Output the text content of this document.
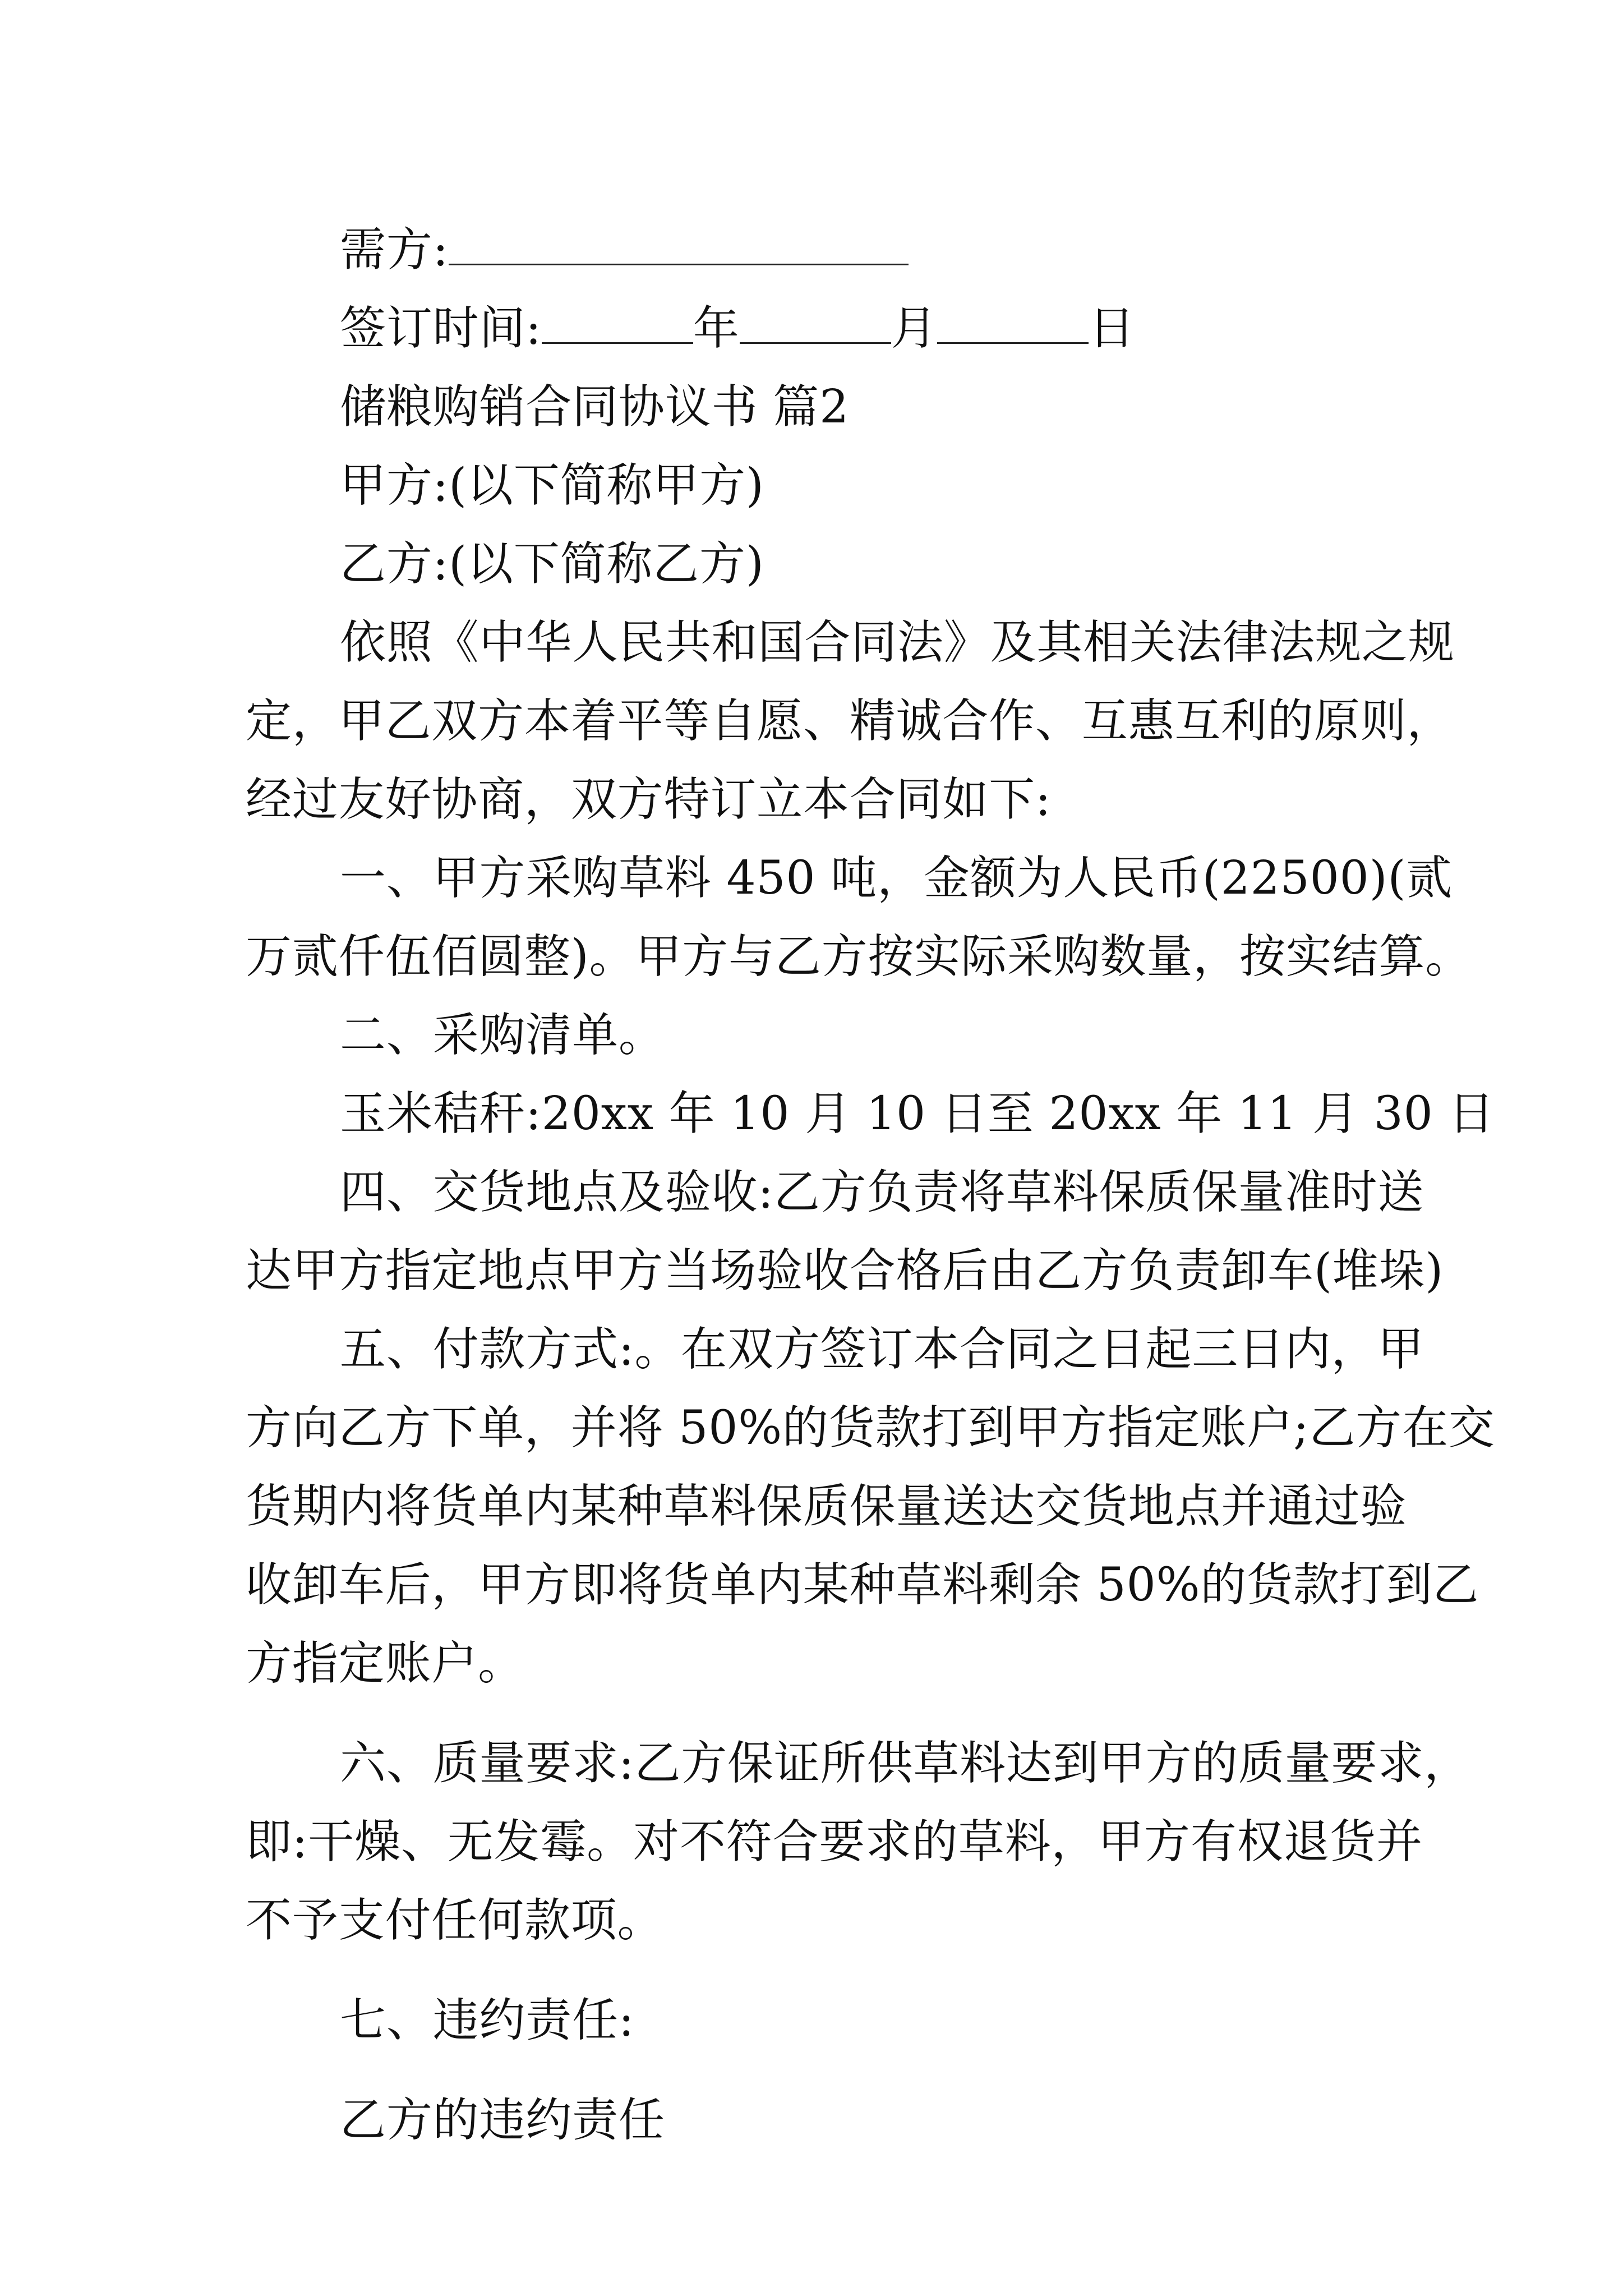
需方:
签订时间:	年	月	日
储粮购销合同协议书 篇2
甲方:(以下简称甲方)
乙方:(以下简称乙方)
依照《中华人民共和国合同法》及其相关法律法规之规
定，甲乙双方本着平等自愿、精诚合作、互惠互利的原则，
经过友好协商，双方特订立本合同如下:
一、甲方采购草料 450 吨，金额为人民币(22500)(贰
万贰仟伍佰圆整)。甲方与乙方按实际采购数量，按实结算。
二、采购清单。
玉米秸秆:20xx 年 10 月 10 日至 20xx 年 11 月 30 日
四、交货地点及验收:乙方负责将草料保质保量准时送
达甲方指定地点甲方当场验收合格后由乙方负责卸车(堆垛)
五、付款方式:。在双方签订本合同之日起三日内，甲
方向乙方下单，并将 50%的货款打到甲方指定账户;乙方在交
货期内将货单内某种草料保质保量送达交货地点并通过验
收卸车后，甲方即将货单内某种草料剩余 50%的货款打到乙
方指定账户。
六、质量要求:乙方保证所供草料达到甲方的质量要求，
即:干燥、无发霉。对不符合要求的草料，甲方有权退货并
不予支付任何款项。
七、违约责任:
乙方的违约责任
